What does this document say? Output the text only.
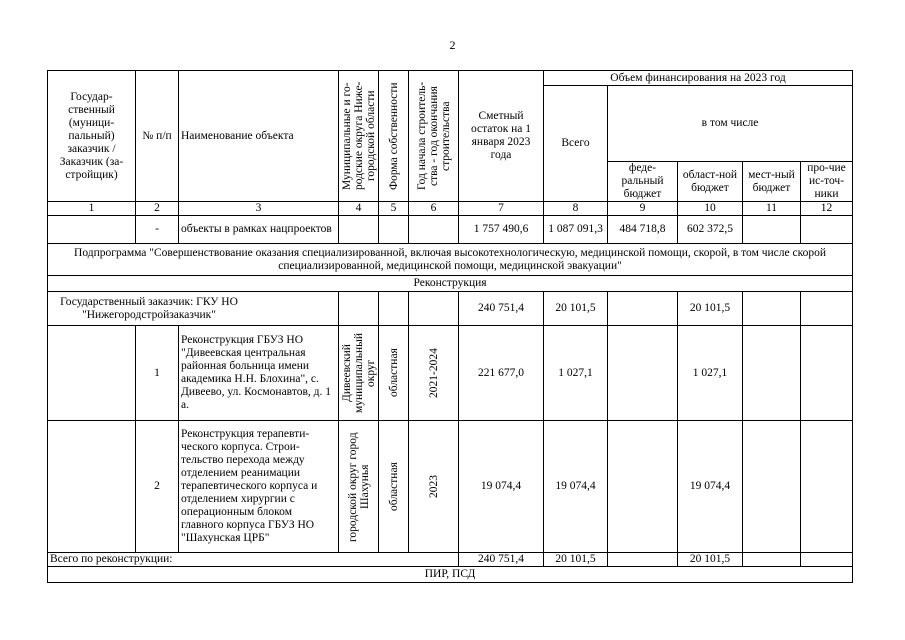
2
Государ-ственный (муници-пальный) заказчик / Заказчик (за-стройщик)	№ п/п	Наименование объекта	Муниципальные и го-родские округа Ниже-городской области	Форма собственности	Год начала строитель-ства - год окончания строительства	Сметный остаток на 1 января 2023 года	Объем финансирования на 2023 год				
							Всего	в том числе			
								феде-ральный бюджет	област-ной бюджет	мест-ный бюджет	про-чие ис-точ-ники
1	2	3	4	5	6	7	8	9	10	11	12
	-	объекты в рамках нацпроектов				1 757 490,6	1 087 091,3	484 718,8	602 372,5		
Подпрограмма "Совершенствование оказания специализированной, включая высокотехнологическую, медицинской помощи, скорой, в том числе скорой специализированной, медицинской помощи, медицинской эвакуации"											
Реконструкция											
Государственный заказчик: ГКУ НО "Нижегородстройзаказчик"						240 751,4	20 101,5		20 101,5		
	1	Реконструкция ГБУЗ НО "Дивеевская центральная районная больница имени академика Н.Н. Блохина", с. Дивеево, ул. Космонавтов, д. 1 а.	Дивеевский муниципальный округ	областная	2021-2024	221 677,0	1 027,1		1 027,1		
	2	Реконструкция терапевти-ческого корпуса. Строи-тельство перехода между отделением реанимации терапевтического корпуса и отделением хирургии с операционным блоком главного корпуса ГБУЗ НО "Шахунская ЦРБ"	городской округ город Шахунья	областная	2023	19 074,4	19 074,4		19 074,4		
Всего по реконструкции:						240 751,4	20 101,5		20 101,5		
ПИР, ПСД											
